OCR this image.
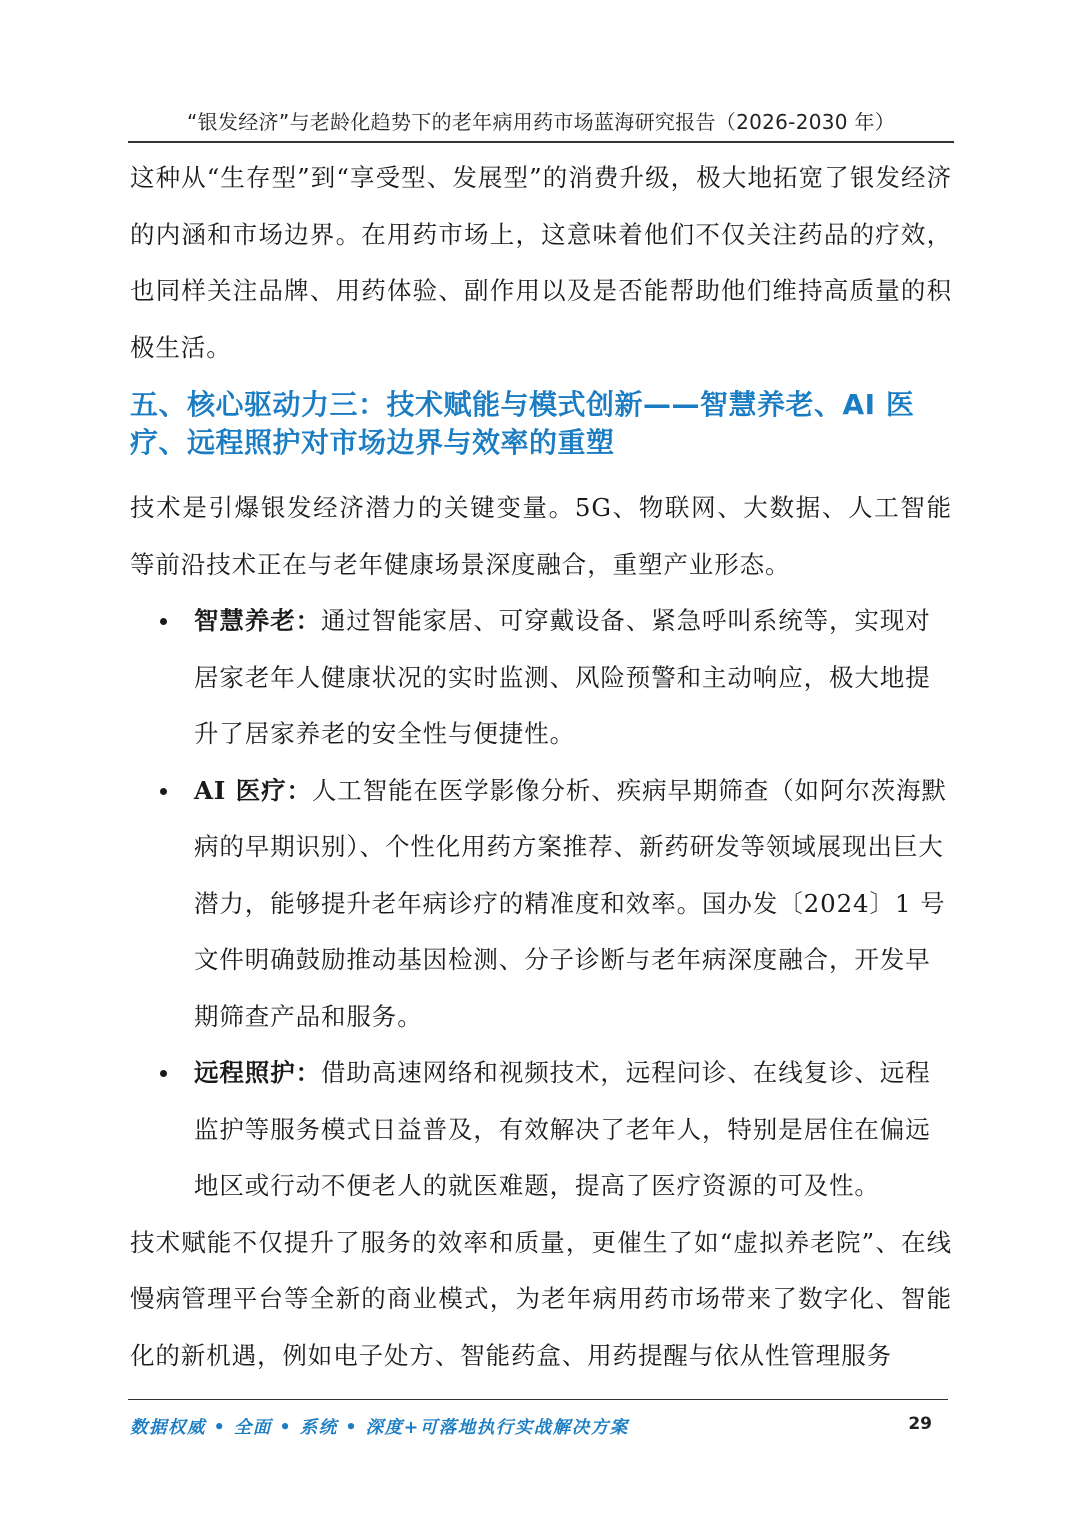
“银发经济”与老龄化趋势下的老年病用药市场蓝海研究报告（2026-2030 年）

这种从“生存型”到“享受型、发展型”的消费升级，极大地拓宽了银发经济的内涵和市场边界。在用药市场上，这意味着他们不仅关注药品的疗效，也同样关注品牌、用药体验、副作用以及是否能帮助他们维持高质量的积极生活。

五、核心驱动力三：技术赋能与模式创新——智慧养老、AI 医疗、远程照护对市场边界与效率的重塑

技术是引爆银发经济潜力的关键变量。5G、物联网、大数据、人工智能等前沿技术正在与老年健康场景深度融合，重塑产业形态。

智慧养老：通过智能家居、可穿戴设备、紧急呼叫系统等，实现对居家老年人健康状况的实时监测、风险预警和主动响应，极大地提升了居家养老的安全性与便捷性。
AI 医疗：人工智能在医学影像分析、疾病早期筛查（如阿尔茨海默病的早期识别）、个性化用药方案推荐、新药研发等领域展现出巨大潜力，能够提升老年病诊疗的精准度和效率。国办发〔2024〕1 号文件明确鼓励推动基因检测、分子诊断与老年病深度融合，开发早期筛查产品和服务。
远程照护：借助高速网络和视频技术，远程问诊、在线复诊、远程监护等服务模式日益普及，有效解决了老年人，特别是居住在偏远地区或行动不便老人的就医难题，提高了医疗资源的可及性。

技术赋能不仅提升了服务的效率和质量，更催生了如“虚拟养老院”、在线慢病管理平台等全新的商业模式，为老年病用药市场带来了数字化、智能化的新机遇，例如电子处方、智能药盒、用药提醒与依从性管理服务

数据权威 • 全面 • 系统 • 深度+可落地执行实战解决方案	29
